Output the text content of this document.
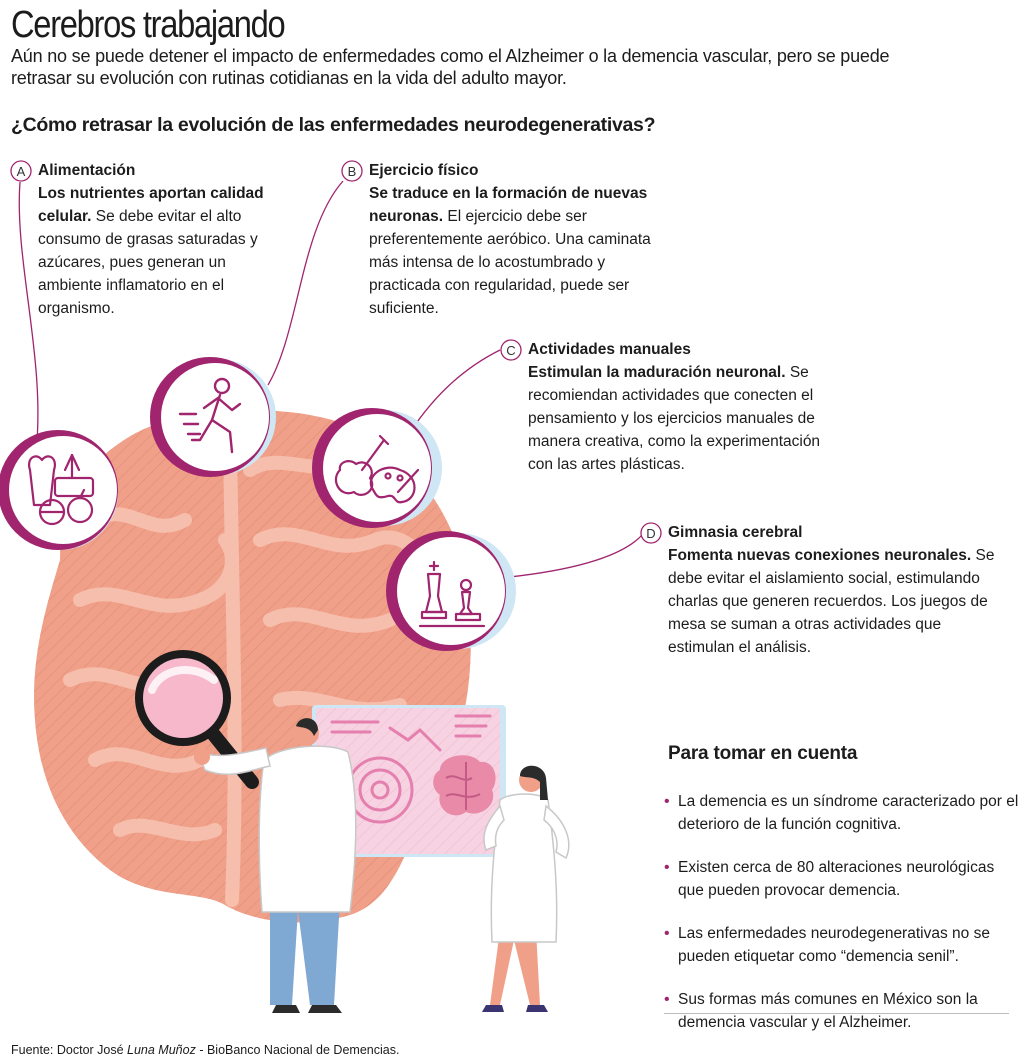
Cerebros trabajando

Aún no se puede detener el impacto de enfermedades como el Alzheimer o la demencia vascular, pero se puede retrasar su evolución con rutinas cotidianas en la vida del adulto mayor.

¿Cómo retrasar la evolución de las enfermedades neurodegenerativas?
A	B
C
D

Alimentación

Los nutrientes aportan calidad celular. Se debe evitar el alto consumo de grasas saturadas y azúcares, pues generan un ambiente inflamatorio en el organismo.

Ejercicio físico

Se traduce en la formación de nuevas neuronas. El ejercicio debe ser preferentemente aeróbico. Una caminata más intensa de lo acostumbrado y practicada con regularidad, puede ser suficiente.

Actividades manuales

Estimulan la maduración neuronal. Se recomiendan actividades que conecten el pensamiento y los ejercicios manuales de manera creativa, como la experimentación con las artes plásticas.

Gimnasia cerebral

Fomenta nuevas conexiones neuronales. Se debe evitar el aislamiento social, estimulando charlas que generen recuerdos. Los juegos de mesa se suman a otras actividades que estimulan el análisis.

Para tomar en cuenta
• La demencia es un síndrome caracterizado por el deterioro de la función cognitiva.
• Existen cerca de 80 alteraciones neurológicas que pueden provocar demencia.
• Las enfermedades neurodegenerativas no se pueden etiquetar como “demencia senil”.
• Sus formas más comunes en México son la demencia vascular y el Alzheimer.

Fuente: Doctor José Luna Muñoz - BioBanco Nacional de Demencias.
